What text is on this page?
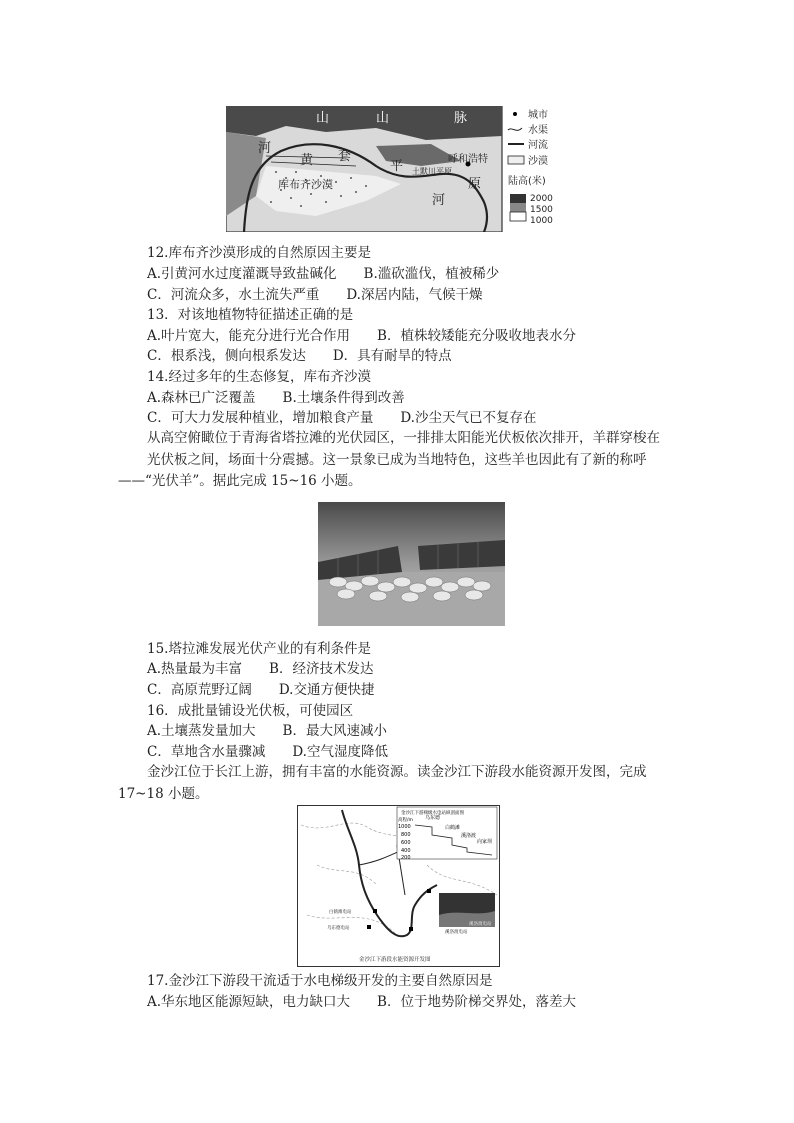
山	山	脉
河
黄 套
平
原
河
库布齐沙漠
土默川平原
呼和浩特
城市
水渠
河流
沙漠
陆高(米)
2000
1500
1000
12.库布齐沙漠形成的自然原因主要是
A.引黄河水过度灌溉导致盐碱化　　B.滥砍滥伐，植被稀少
C．河流众多，水土流失严重　　D.深居内陆，气候干燥
13．对该地植物特征描述正确的是
A.叶片宽大，能充分进行光合作用　　B．植株较矮能充分吸收地表水分
C．根系浅，侧向根系发达　　D．具有耐旱的特点
14.经过多年的生态修复，库布齐沙漠
A.森林已广泛覆盖　　B.土壤条件得到改善
C．可大力发展种植业，增加粮食产量　　D.沙尘天气已不复存在
从高空俯瞰位于青海省塔拉滩的光伏园区，一排排太阳能光伏板依次排开，羊群穿梭在
光伏板之间，场面十分震撼。这一景象已成为当地特色，这些羊也因此有了新的称呼
——“光伏羊”。据此完成 15~16 小题。
15.塔拉滩发展光伏产业的有利条件是
A.热量最为丰富　　B．经济技术发达
C．高原荒野辽阔　　D.交通方便快捷
16．成批量铺设光伏板，可使园区
A.土壤蒸发量加大　　B．最大风速减小
C．草地含水量骤减　　D.空气湿度降低
金沙江位于长江上游，拥有丰富的水能资源。读金沙江下游段水能资源开发图，完成
17~18 小题。
金沙江下游梯级水电站纵剖面图
高程/m
1000
800
600
400
200
乌东德
白鹤滩
溪洛渡
向家坝
溪洛渡电站
白鹤滩电站
乌东德电站
溪洛渡电站
金沙江下游段水能资源开发图
17.金沙江下游段干流适于水电梯级开发的主要自然原因是
A.华东地区能源短缺，电力缺口大　　B．位于地势阶梯交界处，落差大
